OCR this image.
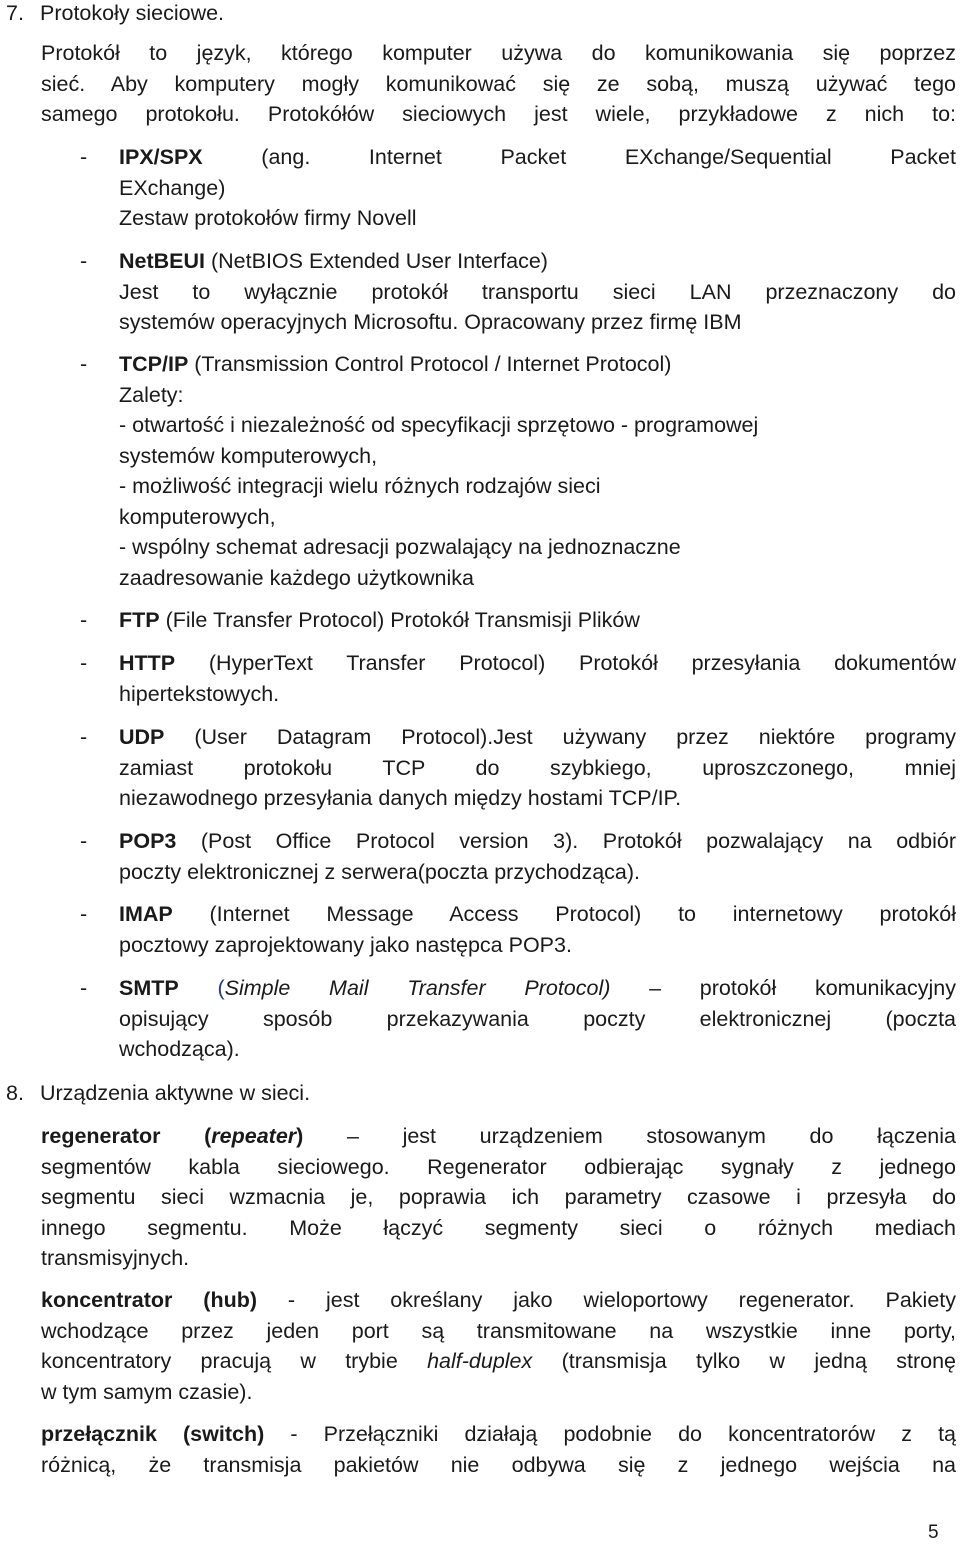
7. Protokoły sieciowe.
Protokół to język, którego komputer używa do komunikowania się poprzez
sieć. Aby komputery mogły komunikować się ze sobą, muszą używać tego
samego protokołu. Protokółów sieciowych jest wiele, przykładowe z nich to:
- IPX/SPX (ang. Internet Packet EXchange/Sequential Packet
EXchange)
Zestaw protokołów firmy Novell
- NetBEUI (NetBIOS Extended User Interface)
Jest to wyłącznie protokół transportu sieci LAN przeznaczony do
systemów operacyjnych Microsoftu. Opracowany przez firmę IBM
- TCP/IP (Transmission Control Protocol / Internet Protocol)
Zalety:
- otwartość i niezależność od specyfikacji sprzętowo - programowej
systemów komputerowych,
- możliwość integracji wielu różnych rodzajów sieci
komputerowych,
- wspólny schemat adresacji pozwalający na jednoznaczne
zaadresowanie każdego użytkownika
- FTP (File Transfer Protocol) Protokół Transmisji Plików
- HTTP (HyperText Transfer Protocol) Protokół przesyłania dokumentów
hipertekstowych.
- UDP (User Datagram Protocol).Jest używany przez niektóre programy
zamiast protokołu TCP do szybkiego, uproszczonego, mniej
niezawodnego przesyłania danych między hostami TCP/IP.
- POP3 (Post Office Protocol version 3). Protokół pozwalający na odbiór
poczty elektronicznej z serwera(poczta przychodząca).
- IMAP (Internet Message Access Protocol) to internetowy protokół
pocztowy zaprojektowany jako następca POP3.
- SMTP (Simple Mail Transfer Protocol) – protokół komunikacyjny
opisujący sposób przekazywania poczty elektronicznej (poczta
wchodząca).
8. Urządzenia aktywne w sieci.
regenerator (repeater) – jest urządzeniem stosowanym do łączenia
segmentów kabla sieciowego. Regenerator odbierając sygnały z jednego
segmentu sieci wzmacnia je, poprawia ich parametry czasowe i przesyła do
innego segmentu. Może łączyć segmenty sieci o różnych mediach
transmisyjnych.
koncentrator (hub) - jest określany jako wieloportowy regenerator. Pakiety
wchodzące przez jeden port są transmitowane na wszystkie inne porty,
koncentratory pracują w trybie half-duplex (transmisja tylko w jedną stronę
w tym samym czasie).
przełącznik (switch) - Przełączniki działają podobnie do koncentratorów z tą
różnicą, że transmisja pakietów nie odbywa się z jednego wejścia na
5
